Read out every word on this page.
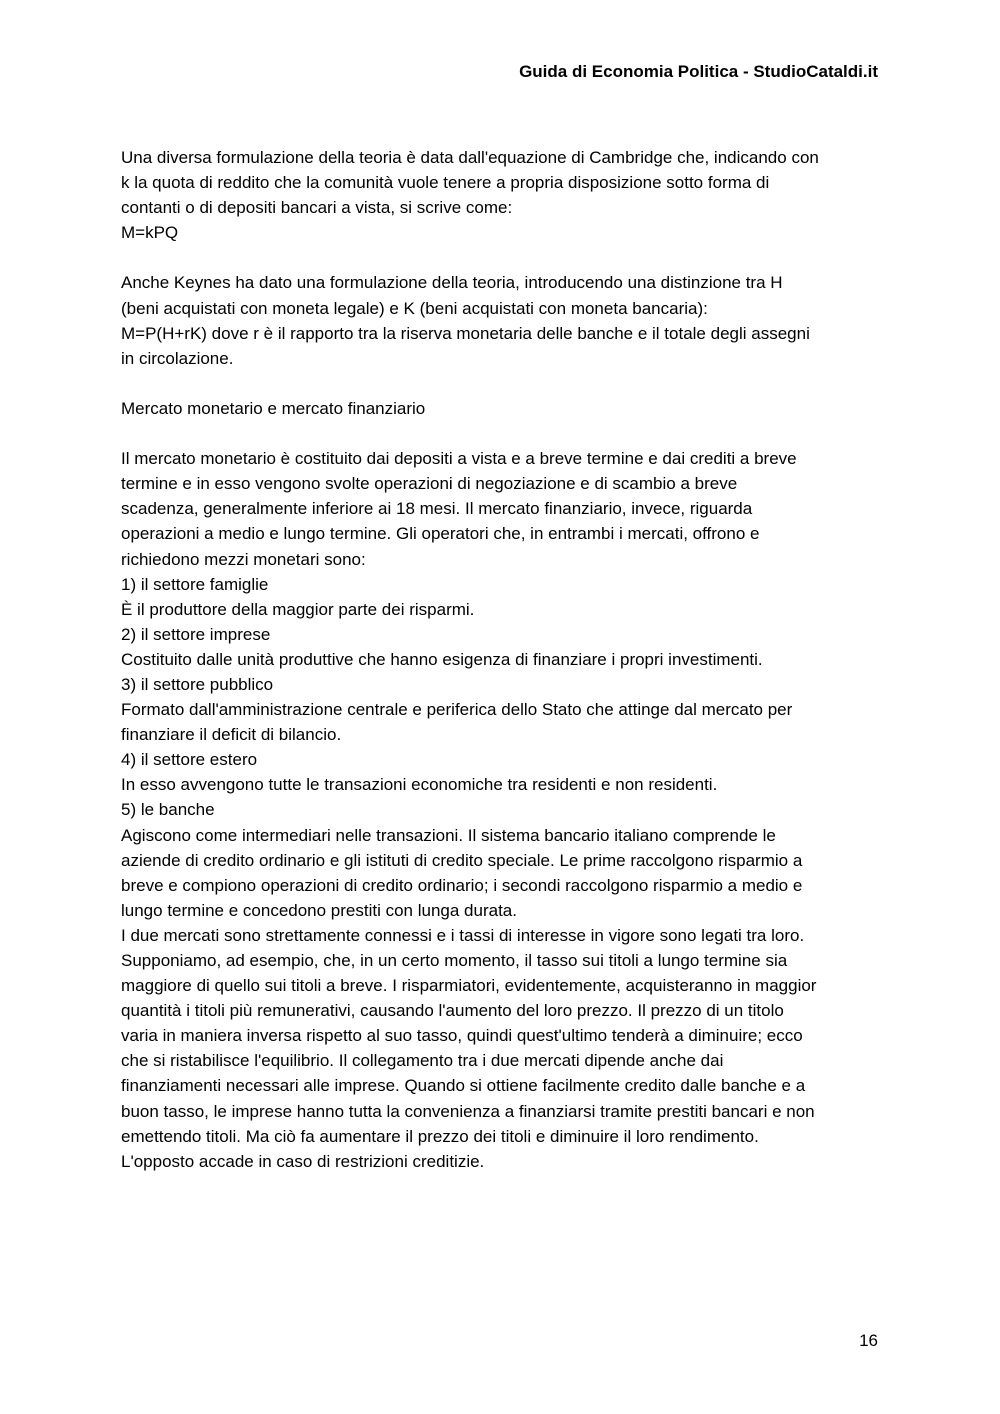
Guida di Economia Politica - StudioCataldi.it
Una diversa formulazione della teoria è data dall'equazione di Cambridge che, indicando con
k la quota di reddito che la comunità vuole tenere a propria disposizione sotto forma di
contanti o di depositi bancari a vista, si scrive come:
M=kPQ
Anche Keynes ha dato una formulazione della teoria, introducendo una distinzione tra H
(beni acquistati con moneta legale) e K (beni acquistati con moneta bancaria):
M=P(H+rK) dove r è il rapporto tra la riserva monetaria delle banche e il totale degli assegni
in circolazione.
Mercato monetario e mercato finanziario
Il mercato monetario è costituito dai depositi a vista e a breve termine e dai crediti a breve
termine e in esso vengono svolte operazioni di negoziazione e di scambio a breve
scadenza, generalmente inferiore ai 18 mesi. Il mercato finanziario, invece, riguarda
operazioni a medio e lungo termine. Gli operatori che, in entrambi i mercati, offrono e
richiedono mezzi monetari sono:
1) il settore famiglie
È il produttore della maggior parte dei risparmi.
2) il settore imprese
Costituito dalle unità produttive che hanno esigenza di finanziare i propri investimenti.
3) il settore pubblico
Formato dall'amministrazione centrale e periferica dello Stato che attinge dal mercato per
finanziare il deficit di bilancio.
4) il settore estero
In esso avvengono tutte le transazioni economiche tra residenti e non residenti.
5) le banche
Agiscono come intermediari nelle transazioni. Il sistema bancario italiano comprende le
aziende di credito ordinario e gli istituti di credito speciale. Le prime raccolgono risparmio a
breve e compiono operazioni di credito ordinario; i secondi raccolgono risparmio a medio e
lungo termine e concedono prestiti con lunga durata.
I due mercati sono strettamente connessi e i tassi di interesse in vigore sono legati tra loro.
Supponiamo, ad esempio, che, in un certo momento, il tasso sui titoli a lungo termine sia
maggiore di quello sui titoli a breve. I risparmiatori, evidentemente, acquisteranno in maggior
quantità i titoli più remunerativi, causando l'aumento del loro prezzo. Il prezzo di un titolo
varia in maniera inversa rispetto al suo tasso, quindi quest'ultimo tenderà a diminuire; ecco
che si ristabilisce l'equilibrio. Il collegamento tra i due mercati dipende anche dai
finanziamenti necessari alle imprese. Quando si ottiene facilmente credito dalle banche e a
buon tasso, le imprese hanno tutta la convenienza a finanziarsi tramite prestiti bancari e non
emettendo titoli. Ma ciò fa aumentare il prezzo dei titoli e diminuire il loro rendimento.
L'opposto accade in caso di restrizioni creditizie.
16
